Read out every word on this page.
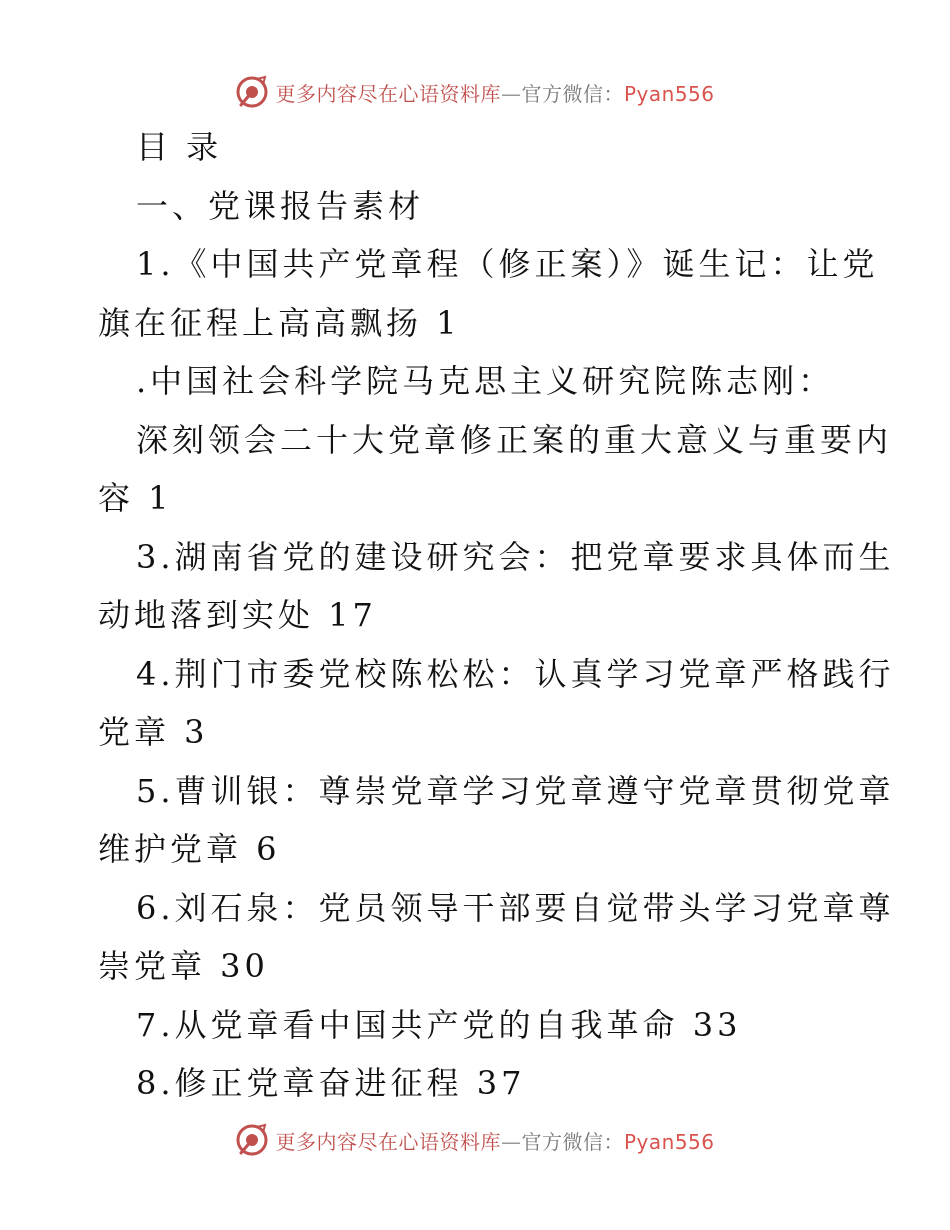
更多内容尽在心语资料库—官方微信：Pyan556
目 录
一、党课报告素材
1.《中国共产党章程（修正案）》诞生记：让党
旗在征程上高高飘扬 1
.中国社会科学院马克思主义研究院陈志刚：
深刻领会二十大党章修正案的重大意义与重要内
容 1
3.湖南省党的建设研究会：把党章要求具体而生
动地落到实处 17
4.荆门市委党校陈松松：认真学习党章严格践行
党章 3
5.曹训银：尊崇党章学习党章遵守党章贯彻党章
维护党章 6
6.刘石泉：党员领导干部要自觉带头学习党章尊
崇党章 30
7.从党章看中国共产党的自我革命 33
8.修正党章奋进征程 37
更多内容尽在心语资料库—官方微信：Pyan556
